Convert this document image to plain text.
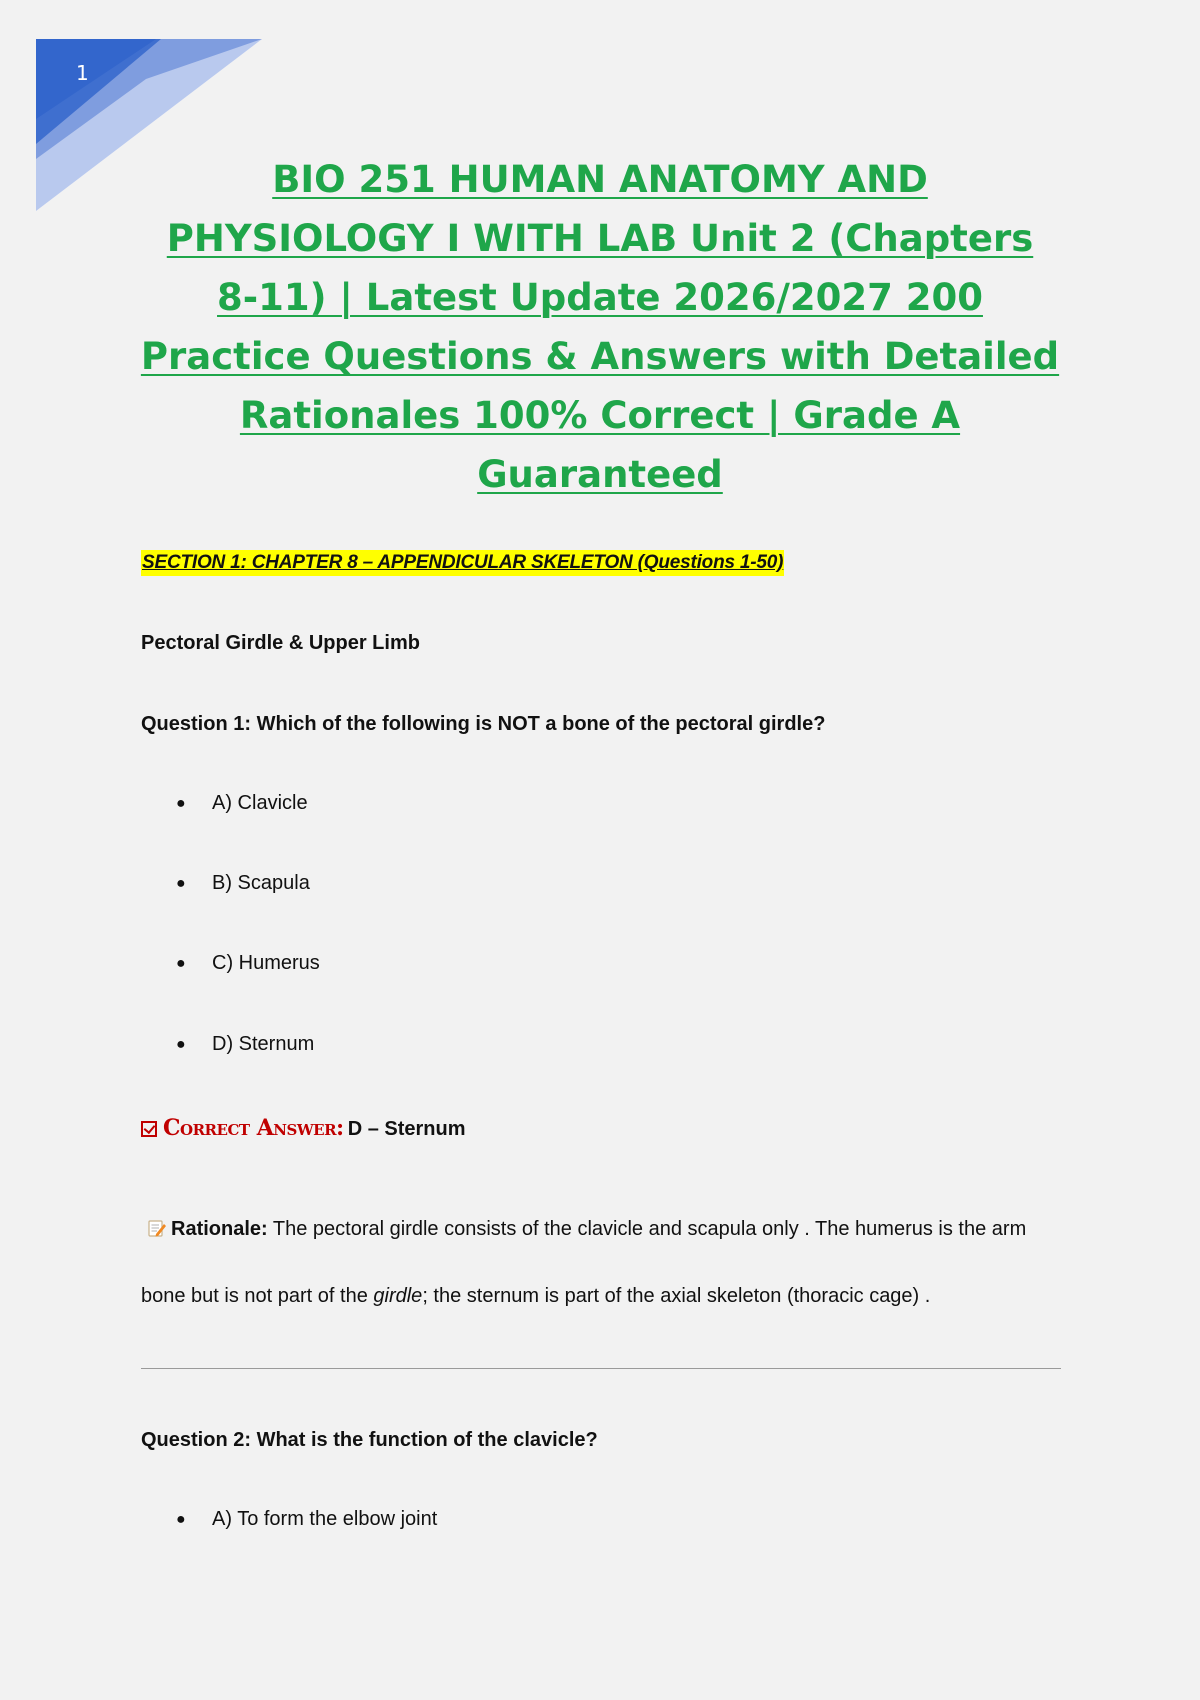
1
BIO 251 HUMAN ANATOMY AND PHYSIOLOGY I WITH LAB Unit 2 (Chapters 8-11) | Latest Update 2026/2027 200 Practice Questions & Answers with Detailed Rationales 100% Correct | Grade A Guaranteed
SECTION 1: CHAPTER 8 – APPENDICULAR SKELETON (Questions 1-50)
Pectoral Girdle & Upper Limb

Question 1: Which of the following is NOT a bone of the pectoral girdle?

● A) Clavicle
● B) Scapula
● C) Humerus
● D) Sternum
Correct Answer: D – Sternum

Rationale: The pectoral girdle consists of the clavicle and scapula only . The humerus is the arm bone but is not part of the girdle; the sternum is part of the axial skeleton (thoracic cage) .

Question 2: What is the function of the clavicle?

● A) To form the elbow joint
